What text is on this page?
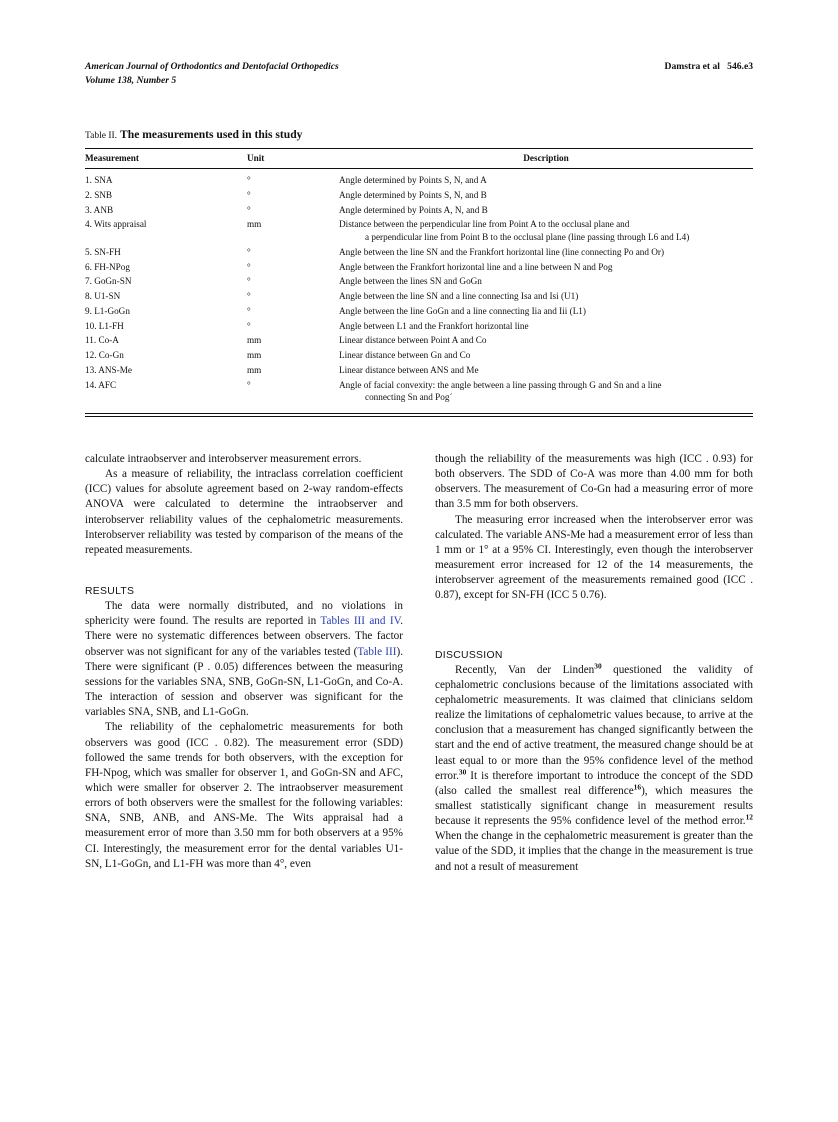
American Journal of Orthodontics and Dentofacial Orthopedics	Damstra et al   546.e3
Volume 138, Number 5
Table II. The measurements used in this study
Measurement	Unit	Description
1. SNA	°	Angle determined by Points S, N, and A
2. SNB	°	Angle determined by Points S, N, and B
3. ANB	°	Angle determined by Points A, N, and B
4. Wits appraisal	mm	Distance between the perpendicular line from Point A to the occlusal plane and
a perpendicular line from Point B to the occlusal plane (line passing through L6 and L4)

5. SN-FH	°	Angle between the line SN and the Frankfort horizontal line (line connecting Po and Or)
6. FH-NPog	°	Angle between the Frankfort horizontal line and a line between N and Pog
7. GoGn-SN	°	Angle between the lines SN and GoGn
8. U1-SN	°	Angle between the line SN and a line connecting Isa and Isi (U1)
9. L1-GoGn	°	Angle between the line GoGn and a line connecting Iia and Iii (L1)
10. L1-FH	°	Angle between L1 and the Frankfort horizontal line
11. Co-A	mm	Linear distance between Point A and Co
12. Co-Gn	mm	Linear distance between Gn and Co
13. ANS-Me	mm	Linear distance between ANS and Me
14. AFC	°	Angle of facial convexity: the angle between a line passing through G and Sn and a line
connecting Sn and Pog´

calculate intraobserver and interobserver measurement errors.

As a measure of reliability, the intraclass correlation coefficient (ICC) values for absolute agreement based on 2-way random-effects ANOVA were calculated to determine the intraobserver and interobserver reliability values of the cephalometric measurements. Interobserver reliability was tested by comparison of the means of the repeated measurements.

RESULTS

The data were normally distributed, and no violations in sphericity were found. The results are reported in Tables III and IV. There were no systematic differences between observers. The factor observer was not significant for any of the variables tested (Table III). There were significant (P . 0.05) differences between the measuring sessions for the variables SNA, SNB, GoGn-SN, L1-GoGn, and Co-A. The interaction of session and observer was significant for the variables SNA, SNB, and L1-GoGn.

The reliability of the cephalometric measurements for both observers was good (ICC . 0.82). The measurement error (SDD) followed the same trends for both observers, with the exception for FH-Npog, which was smaller for observer 1, and GoGn-SN and AFC, which were smaller for observer 2. The intraobserver measurement errors of both observers were the smallest for the following variables: SNA, SNB, ANB, and ANS-Me. The Wits appraisal had a measurement error of more than 3.50 mm for both observers at a 95% CI. Interestingly, the measurement error for the dental variables U1-SN, L1-GoGn, and L1-FH was more than 4°, even

though the reliability of the measurements was high (ICC . 0.93) for both observers. The SDD of Co-A was more than 4.00 mm for both observers. The measurement of Co-Gn had a measuring error of more than 3.5 mm for both observers.

The measuring error increased when the interobserver error was calculated. The variable ANS-Me had a measurement error of less than 1 mm or 1° at a 95% CI. Interestingly, even though the interobserver measurement error increased for 12 of the 14 measurements, the interobserver agreement of the measurements remained good (ICC . 0.87), except for SN-FH (ICC 5 0.76).

DISCUSSION

Recently, Van der Linden$^{30}$ questioned the validity of cephalometric conclusions because of the limitations associated with cephalometric measurements. It was claimed that clinicians seldom realize the limitations of cephalometric values because, to arrive at the conclusion that a measurement has changed significantly between the start and the end of active treatment, the measured change should be at least equal to or more than the 95% confidence level of the method error.$^{30}$ It is therefore important to introduce the concept of the SDD (also called the smallest real difference$^{16}$), which measures the smallest statistically significant change in measurement results because it represents the 95% confidence level of the method error.$^{12}$ When the change in the cephalometric measurement is greater than the value of the SDD, it implies that the change in the measurement is true and not a result of measurement
